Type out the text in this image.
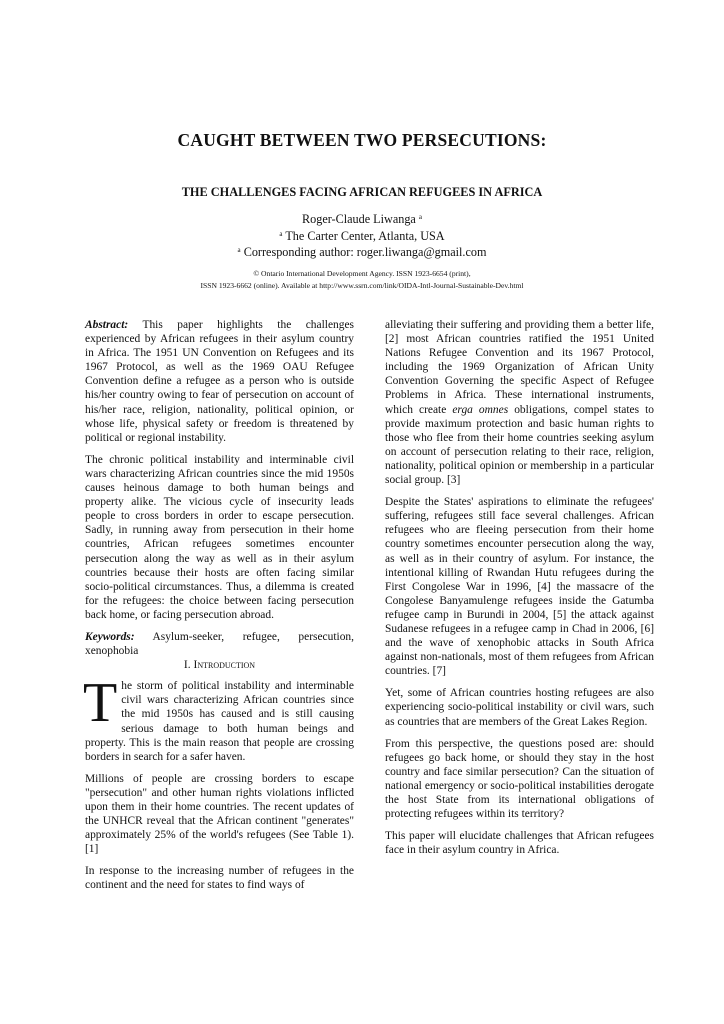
CAUGHT BETWEEN TWO PERSECUTIONS:
THE CHALLENGES FACING AFRICAN REFUGEES IN AFRICA
Roger-Claude Liwanga $^a$
$^a$ The Carter Center, Atlanta, USA
$^a$ Corresponding author: roger.liwanga@gmail.com
© Ontario International Development Agency. ISSN 1923-6654 (print),
ISSN 1923-6662 (online). Available at http://www.ssrn.com/link/OIDA-Intl-Journal-Sustainable-Dev.html

Abstract: This paper highlights the challenges experienced by African refugees in their asylum country in Africa. The 1951 UN Convention on Refugees and its 1967 Protocol, as well as the 1969 OAU Refugee Convention define a refugee as a person who is outside his/her country owing to fear of persecution on account of his/her race, religion, nationality, political opinion, or whose life, physical safety or freedom is threatened by political or regional instability.

The chronic political instability and interminable civil wars characterizing African countries since the mid 1950s causes heinous damage to both human beings and property alike. The vicious cycle of insecurity leads people to cross borders in order to escape persecution. Sadly, in running away from persecution in their home countries, African refugees sometimes encounter persecution along the way as well as in their asylum countries because their hosts are often facing similar socio-political circumstances. Thus, a dilemma is created for the refugees: the choice between facing persecution back home, or facing persecution abroad.

Keywords: Asylum-seeker, refugee, persecution, xenophobia

I. Introduction

The storm of political instability and interminable civil wars characterizing African countries since the mid 1950s has caused and is still causing serious damage to both human beings and property. This is the main reason that people are crossing borders in search for a safer haven.

Millions of people are crossing borders to escape "persecution" and other human rights violations inflicted upon them in their home countries. The recent updates of the UNHCR reveal that the African continent "generates" approximately 25% of the world's refugees (See Table 1). [1]

In response to the increasing number of refugees in the continent and the need for states to find ways of

alleviating their suffering and providing them a better life, [2] most African countries ratified the 1951 United Nations Refugee Convention and its 1967 Protocol, including the 1969 Organization of African Unity Convention Governing the specific Aspect of Refugee Problems in Africa. These international instruments, which create erga omnes obligations, compel states to provide maximum protection and basic human rights to those who flee from their home countries seeking asylum on account of persecution relating to their race, religion, nationality, political opinion or membership in a particular social group. [3]

Despite the States' aspirations to eliminate the refugees' suffering, refugees still face several challenges. African refugees who are fleeing persecution from their home country sometimes encounter persecution along the way, as well as in their country of asylum. For instance, the intentional killing of Rwandan Hutu refugees during the First Congolese War in 1996, [4] the massacre of the Congolese Banyamulenge refugees inside the Gatumba refugee camp in Burundi in 2004, [5] the attack against Sudanese refugees in a refugee camp in Chad in 2006, [6] and the wave of xenophobic attacks in South Africa against non-nationals, most of them refugees from African countries. [7]

Yet, some of African countries hosting refugees are also experiencing socio-political instability or civil wars, such as countries that are members of the Great Lakes Region.

From this perspective, the questions posed are: should refugees go back home, or should they stay in the host country and face similar persecution? Can the situation of national emergency or socio-political instabilities derogate the host State from its international obligations of protecting refugees within its territory?

This paper will elucidate challenges that African refugees face in their asylum country in Africa.
